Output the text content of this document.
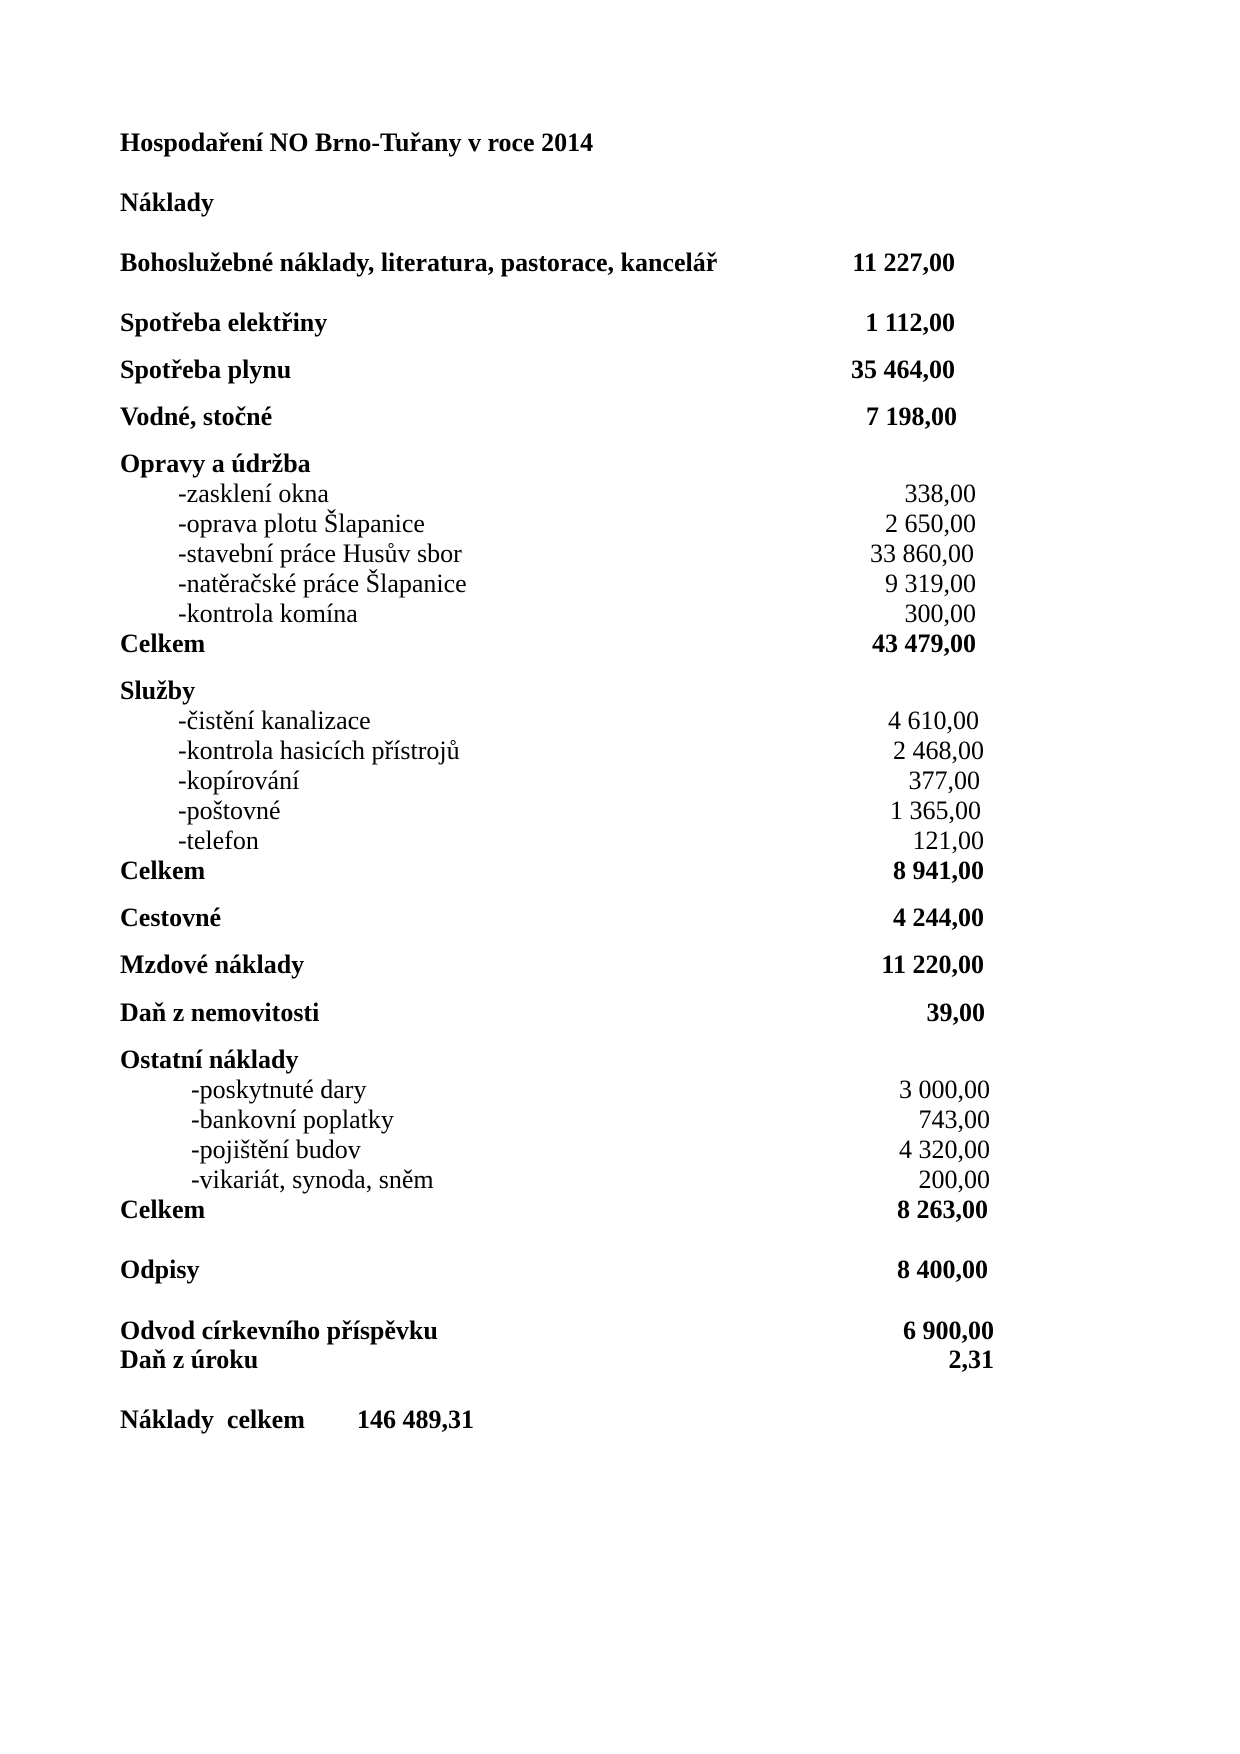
Hospodaření NO Brno-Tuřany v roce 2014
Náklady
Bohoslužebné náklady, literatura, pastorace, kancelář	11 227,00
Spotřeba elektřiny	1 112,00
Spotřeba plynu	35 464,00
Vodné, stočné	7 198,00
Opravy a údržba
-zasklení okna	338,00
-oprava plotu Šlapanice	2 650,00
-stavební práce Husův sbor	33 860,00
-natěračské práce Šlapanice	9 319,00
-kontrola komína	300,00
Celkem	43 479,00
Služby
-čistění kanalizace	4 610,00
-kontrola hasicích přístrojů	2 468,00
-kopírování	377,00
-poštovné	1 365,00
-telefon	121,00
Celkem	8 941,00
Cestovné	4 244,00
Mzdové náklady	11 220,00
Daň z nemovitosti	39,00
Ostatní náklady
-poskytnuté dary	3 000,00
-bankovní poplatky	743,00
-pojištění budov	4 320,00
-vikariát, synoda, sněm	200,00
Celkem	8 263,00
Odpisy	8 400,00
Odvod církevního příspěvku	6 900,00
Daň z úroku	2,31
Náklady  celkem 146 489,31
